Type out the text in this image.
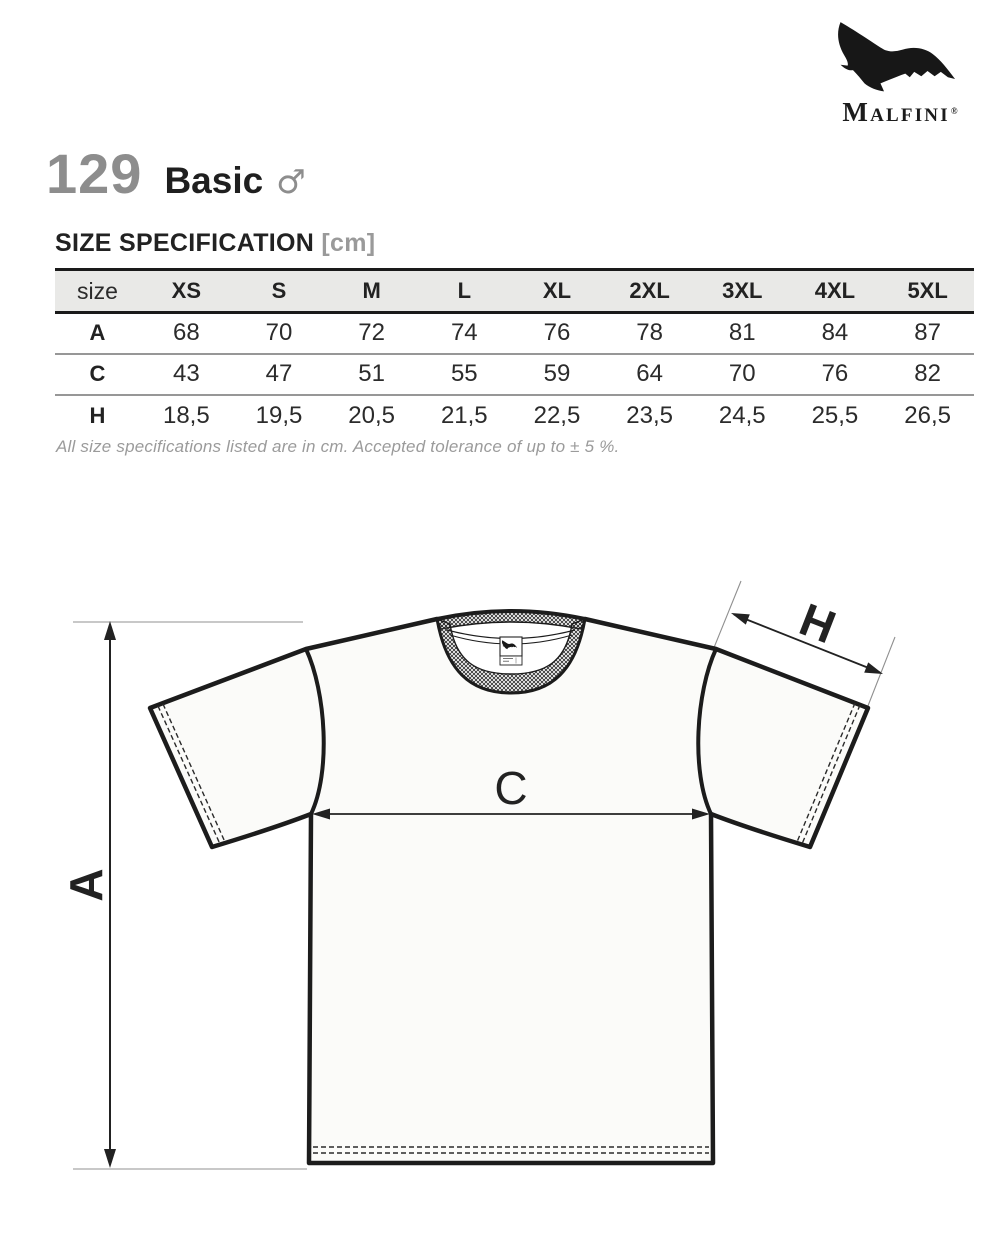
MALFINI®
129 Basic ♂
SIZE SPECIFICATION [cm]
size	XS	S	M	L	XL	2XL	3XL	4XL	5XL
A	68	70	72	74	76	78	81	84	87
C	43	47	51	55	59	64	70	76	82
H	18,5	19,5	20,5	21,5	22,5	23,5	24,5	25,5	26,5

All size specifications listed are in cm. Accepted tolerance of up to ± 5 %.

A
C
H
